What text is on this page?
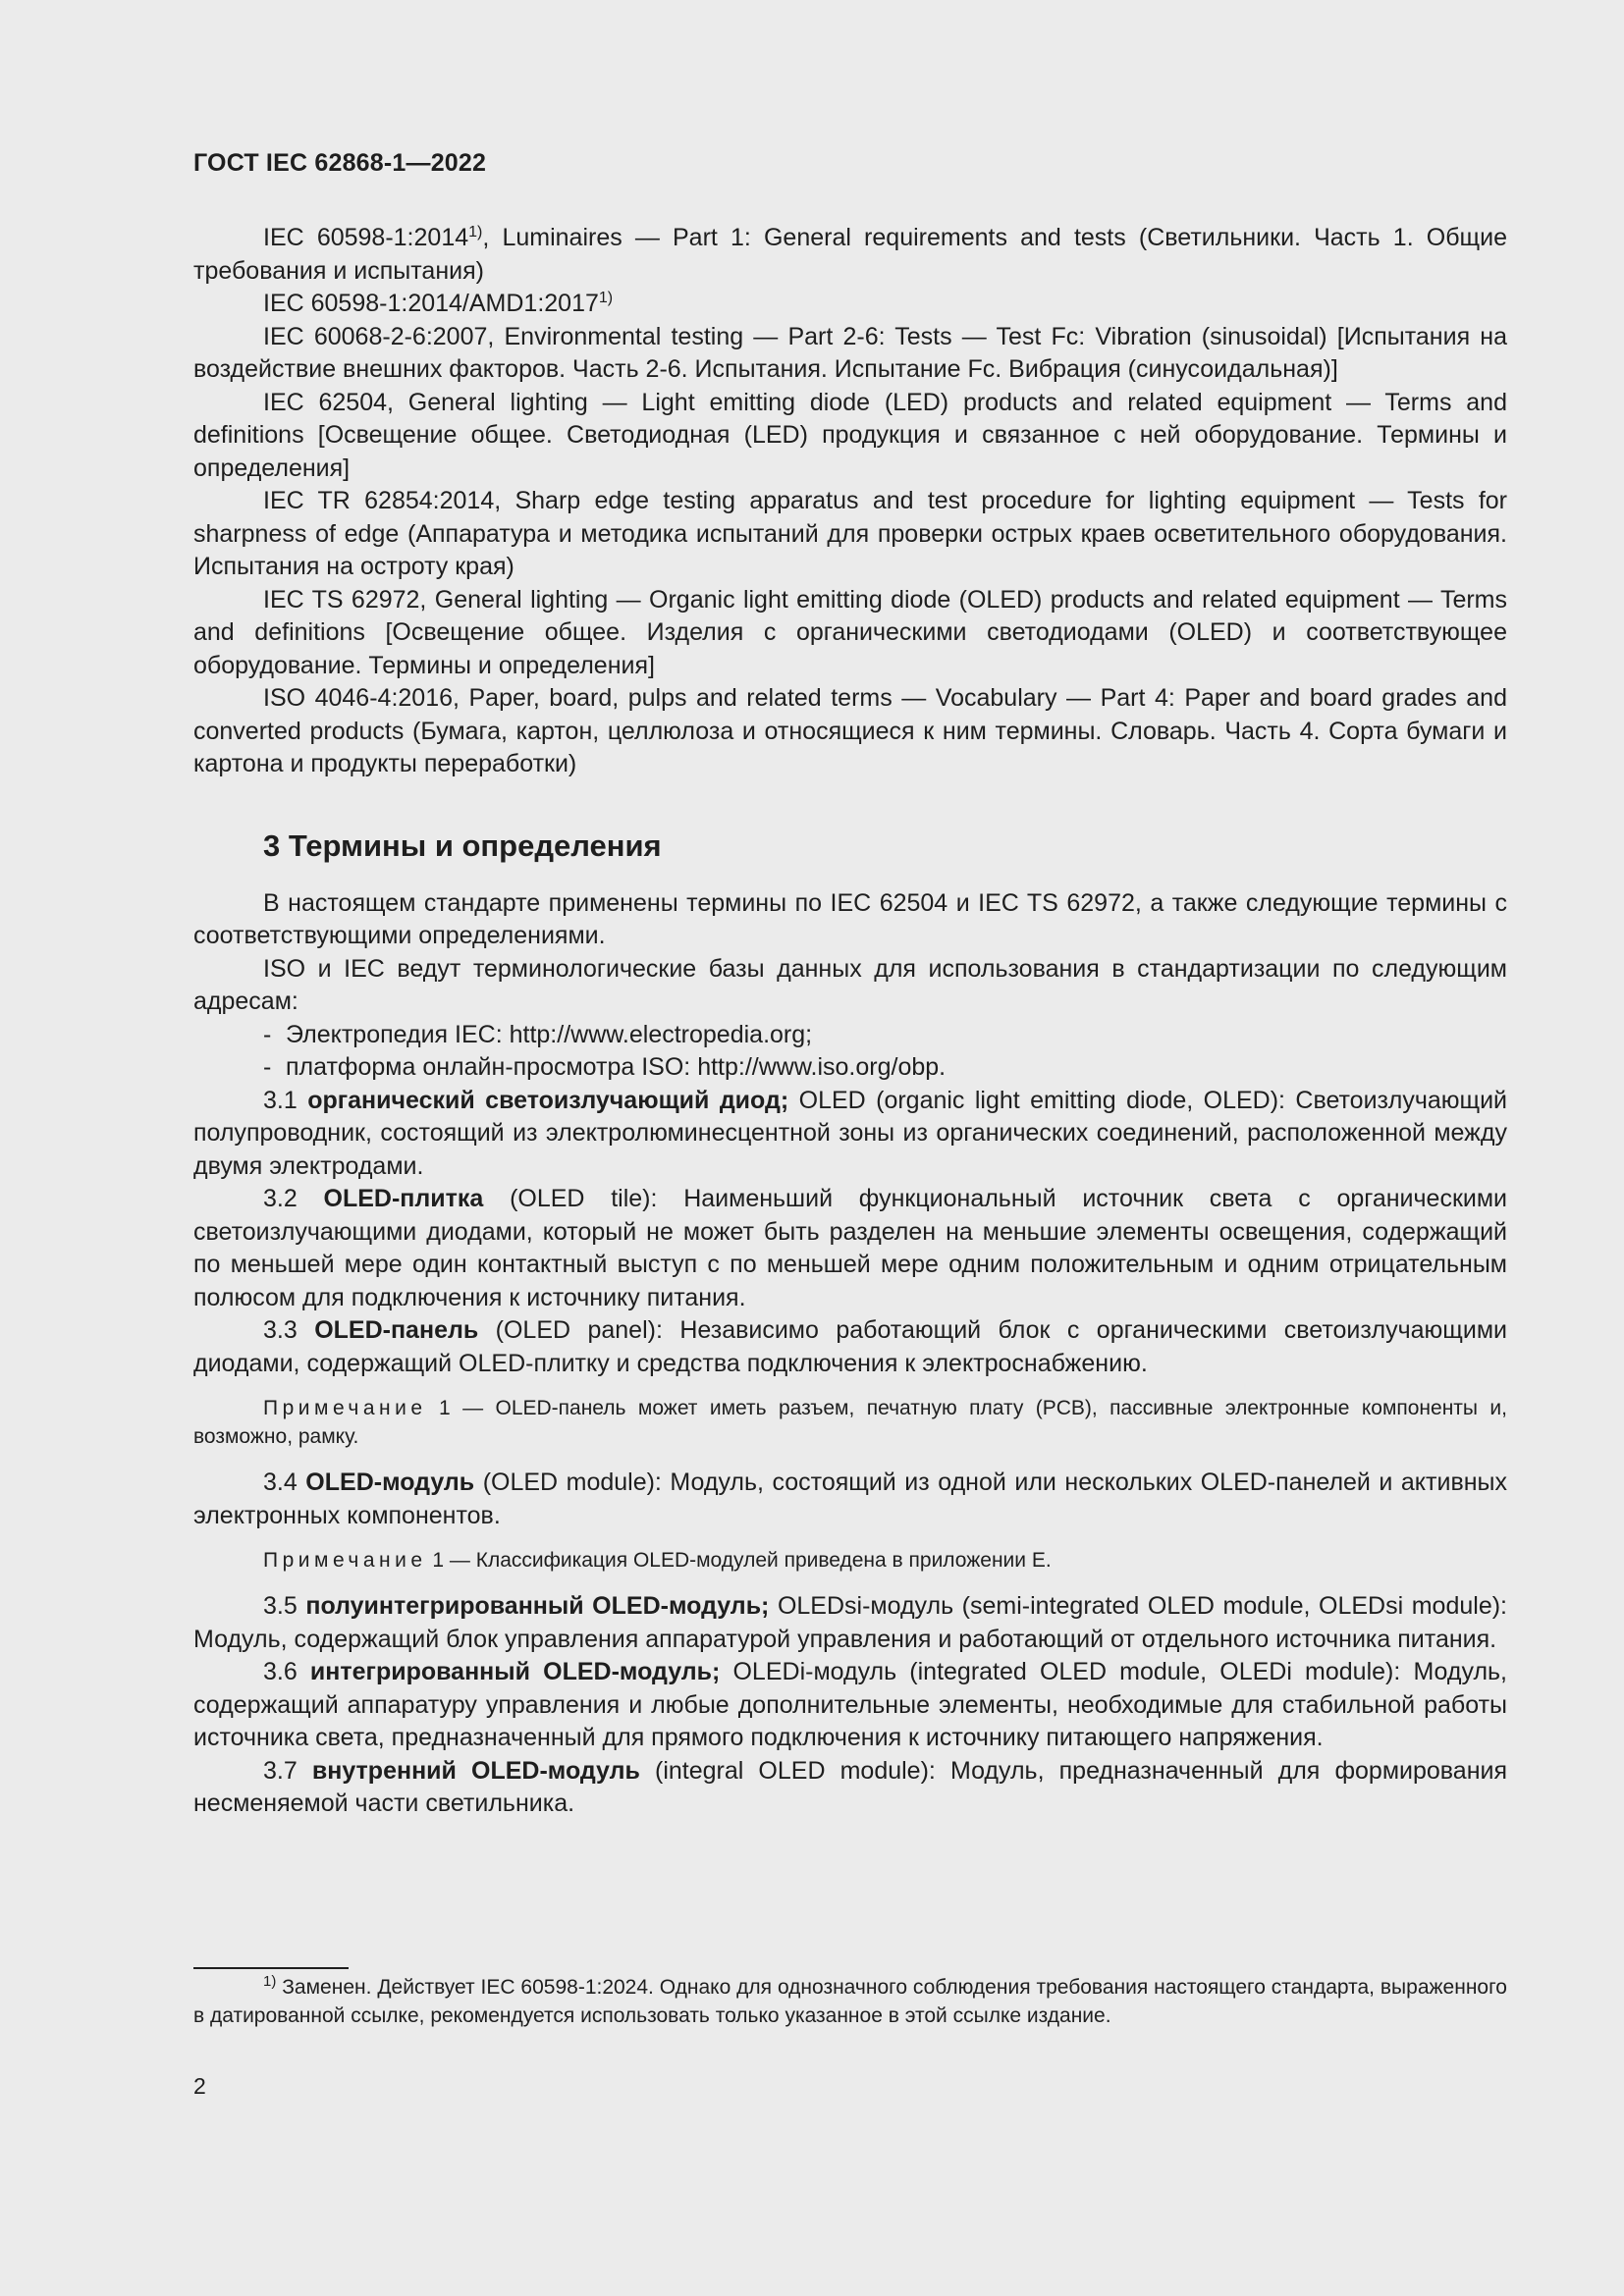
ГОСТ IEC 62868-1—2022

IEC 60598-1:2014$^{1)}$, Luminaires — Part 1: General requirements and tests (Светильники. Часть 1. Общие требования и испытания)

IEC 60598-1:2014/AMD1:2017$^{1)}$

IEC 60068-2-6:2007, Environmental testing — Part 2-6: Tests — Test Fc: Vibration (sinusoidal) [Испытания на воздействие внешних факторов. Часть 2-6. Испытания. Испытание Fc. Вибрация (синусоидальная)]

IEC 62504, General lighting — Light emitting diode (LED) products and related equipment — Terms and definitions [Освещение общее. Светодиодная (LED) продукция и связанное с ней оборудование. Термины и определения]

IEC TR 62854:2014, Sharp edge testing apparatus and test procedure for lighting equipment — Tests for sharpness of edge (Аппаратура и методика испытаний для проверки острых краев осветительного оборудования. Испытания на остроту края)

IEC TS 62972, General lighting — Organic light emitting diode (OLED) products and related equipment — Terms and definitions [Освещение общее. Изделия с органическими светодиодами (OLED) и соответствующее оборудование. Термины и определения]

ISO 4046-4:2016, Paper, board, pulps and related terms — Vocabulary — Part 4: Paper and board grades and converted products (Бумага, картон, целлюлоза и относящиеся к ним термины. Словарь. Часть 4. Сорта бумаги и картона и продукты переработки)

3 Термины и определения

В настоящем стандарте применены термины по IEC 62504 и IEC TS 62972, а также следующие термины с соответствующими определениями.

ISO и IEC ведут терминологические базы данных для использования в стандартизации по следующим адресам:

- Электропедия IEC: http://www.electropedia.org;
- платформа онлайн-просмотра ISO: http://www.iso.org/obp.

3.1 органический светоизлучающий диод; OLED (organic light emitting diode, OLED): Светоизлучающий полупроводник, состоящий из электролюминесцентной зоны из органических соединений, расположенной между двумя электродами.

3.2 OLED-плитка (OLED tile): Наименьший функциональный источник света с органическими светоизлучающими диодами, который не может быть разделен на меньшие элементы освещения, содержащий по меньшей мере один контактный выступ с по меньшей мере одним положительным и одним отрицательным полюсом для подключения к источнику питания.

3.3 OLED-панель (OLED panel): Независимо работающий блок с органическими светоизлучающими диодами, содержащий OLED-плитку и средства подключения к электроснабжению.

Примечание 1 — OLED-панель может иметь разъем, печатную плату (PCB), пассивные электронные компоненты и, возможно, рамку.

3.4 OLED-модуль (OLED module): Модуль, состоящий из одной или нескольких OLED-панелей и активных электронных компонентов.

Примечание 1 — Классификация OLED-модулей приведена в приложении Е.

3.5 полуинтегрированный OLED-модуль; OLEDsi-модуль (semi-integrated OLED module, OLEDsi module): Модуль, содержащий блок управления аппаратурой управления и работающий от отдельного источника питания.

3.6 интегрированный OLED-модуль; OLEDi-модуль (integrated OLED module, OLEDi module): Модуль, содержащий аппаратуру управления и любые дополнительные элементы, необходимые для стабильной работы источника света, предназначенный для прямого подключения к источнику питающего напряжения.

3.7 внутренний OLED-модуль (integral OLED module): Модуль, предназначенный для формирования несменяемой части светильника.

$^{1)}$ Заменен. Действует IEC 60598-1:2024. Однако для однозначного соблюдения требования настоящего стандарта, выраженного в датированной ссылке, рекомендуется использовать только указанное в этой ссылке издание.

2
